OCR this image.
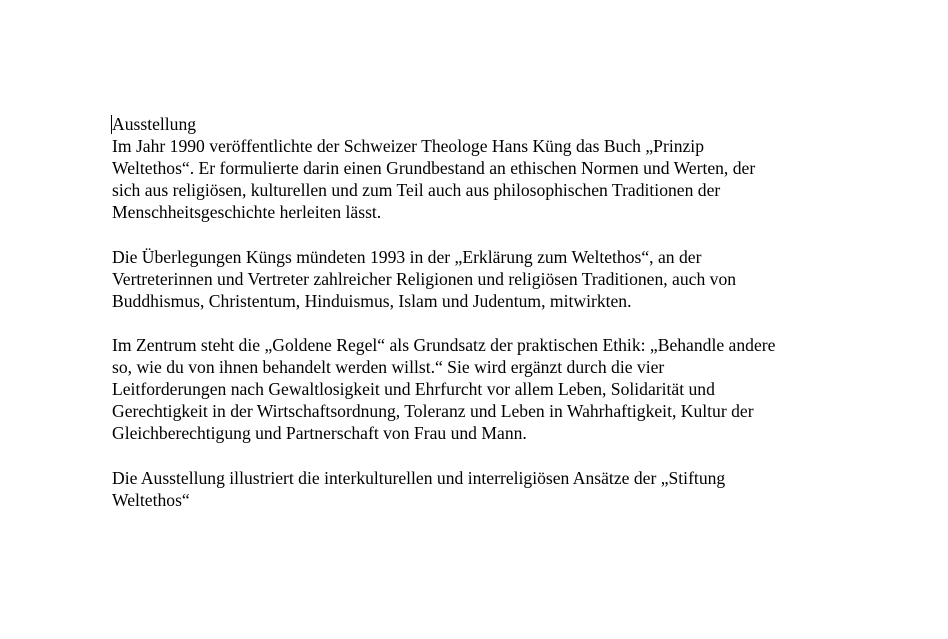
Ausstellung
Im Jahr 1990 veröffentlichte der Schweizer Theologe Hans Küng das Buch „Prinzip
Weltethos“. Er formulierte darin einen Grundbestand an ethischen Normen und Werten, der
sich aus religiösen, kulturellen und zum Teil auch aus philosophischen Traditionen der
Menschheitsgeschichte herleiten lässt.
Die Überlegungen Küngs mündeten 1993 in der „Erklärung zum Weltethos“, an der
Vertreterinnen und Vertreter zahlreicher Religionen und religiösen Traditionen, auch von
Buddhismus, Christentum, Hinduismus, Islam und Judentum, mitwirkten.
Im Zentrum steht die „Goldene Regel“ als Grundsatz der praktischen Ethik: „Behandle andere
so, wie du von ihnen behandelt werden willst.“ Sie wird ergänzt durch die vier
Leitforderungen nach Gewaltlosigkeit und Ehrfurcht vor allem Leben, Solidarität und
Gerechtigkeit in der Wirtschaftsordnung, Toleranz und Leben in Wahrhaftigkeit, Kultur der
Gleichberechtigung und Partnerschaft von Frau und Mann.
Die Ausstellung illustriert die interkulturellen und interreligiösen Ansätze der „Stiftung
Weltethos“
